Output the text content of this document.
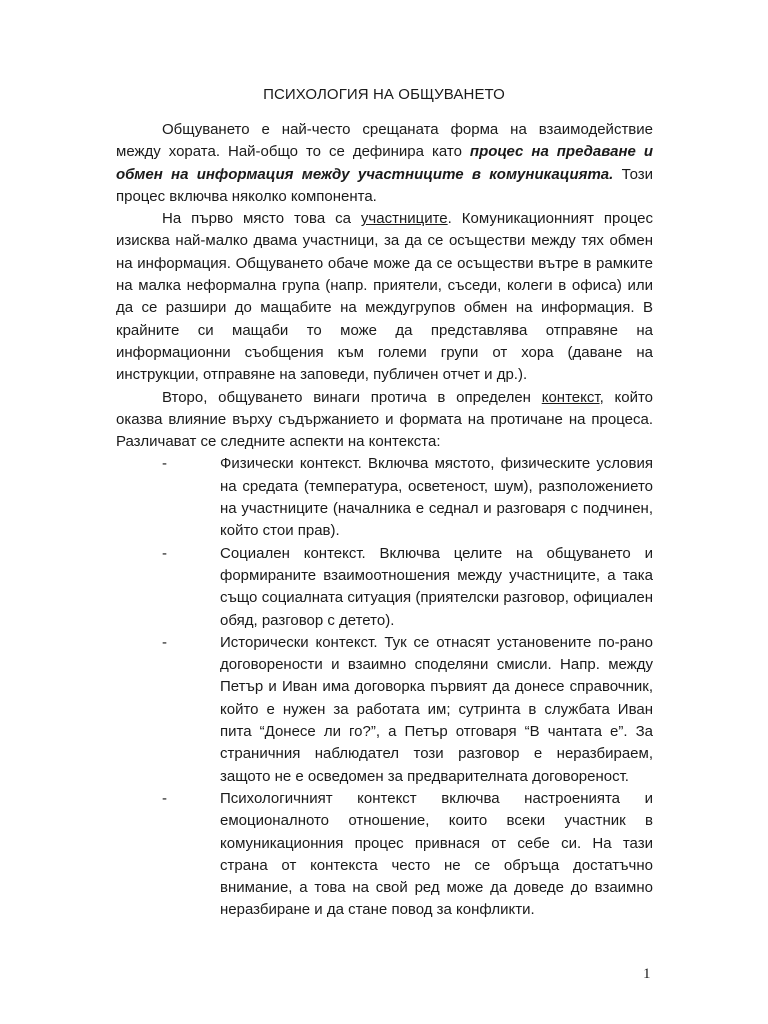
ПСИХОЛОГИЯ НА ОБЩУВАНЕТО

Общуването е най-често срещаната форма на взаимодействие между хората. Най-общо то се дефинира като процес на предаване и обмен на информация между участниците в комуникацията. Този процес включва няколко компонента.

На първо място това са участниците. Комуникационният процес изисква най-малко двама участници, за да се осъществи между тях обмен на информация. Общуването обаче може да се осъществи вътре в рамките на малка неформална група (напр. приятели, съседи, колеги в офиса) или да се разшири до мащабите на междугрупов обмен на информация. В крайните си мащаби то може да представлява отправяне на информационни съобщения към големи групи от хора (даване на инструкции, отправяне на заповеди, публичен отчет и др.).

Второ, общуването винаги протича в определен контекст, който оказва влияние върху съдържанието и формата на протичане на процеса. Различават се следните аспекти на контекста:

-	Физически контекст. Включва мястото, физическите условия на средата (температура, осветеност, шум), разположението на участниците (началника е седнал и разговаря с подчинен, който стои прав).
-	Социален контекст. Включва целите на общуването и формираните взаимоотношения между участниците, а така също социалната ситуация (приятелски разговор, официален обяд, разговор с детето).
-	Исторически контекст. Тук се отнасят установените по-рано договорености и взаимно споделяни смисли. Напр. между Петър и Иван има договорка първият да донесе справочник, който е нужен за работата им; сутринта в службата Иван пита “Донесе ли го?”, а Петър отговаря “В чантата е”. За страничния наблюдател този разговор е неразбираем, защото не е осведомен за предварителната договореност.
-	Психологичният контекст включва настроенията и емоционалното отношение, които всеки участник в комуникационния процес привнася от себе си. На тази страна от контекста често не се обръща достатъчно внимание, а това на свой ред може да доведе до взаимно неразбиране и да стане повод за конфликти.
1
